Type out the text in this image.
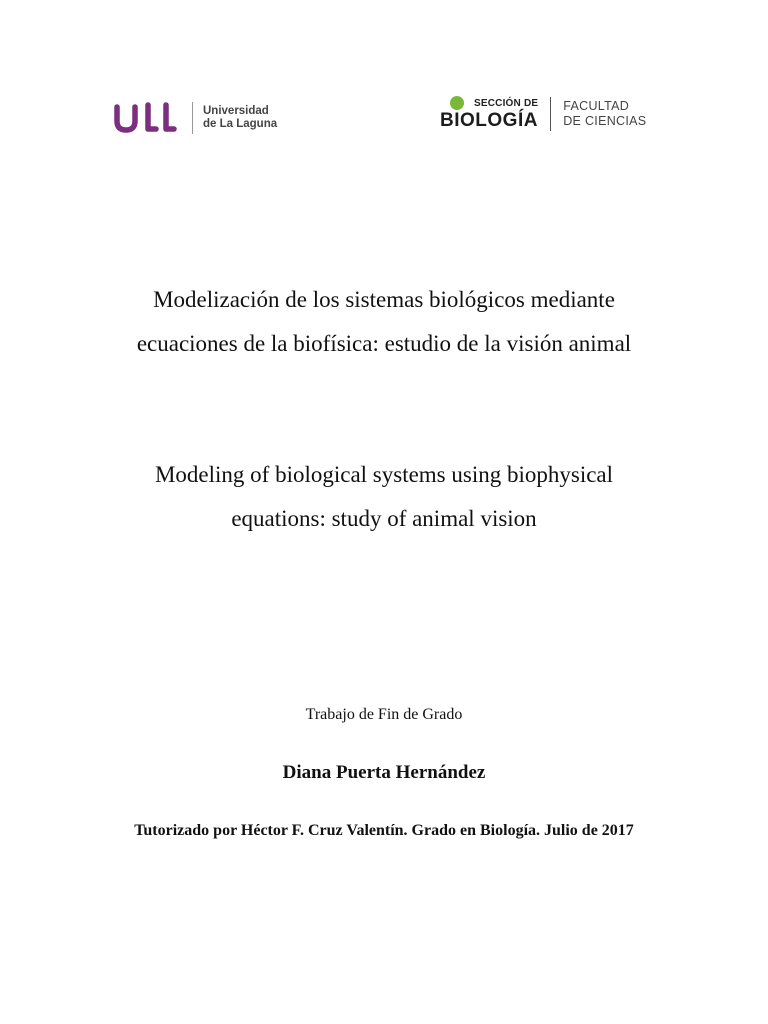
Universidad
de La Laguna
SECCIÓN DE
BIOLOGÍA
FACULTAD
DE CIENCIAS
Modelización de los sistemas biológicos mediante
ecuaciones de la biofísica: estudio de la visión animal
Modeling of biological systems using biophysical
equations: study of animal vision
Trabajo de Fin de Grado
Diana Puerta Hernández
Tutorizado por Héctor F. Cruz Valentín. Grado en Biología. Julio de 2017
